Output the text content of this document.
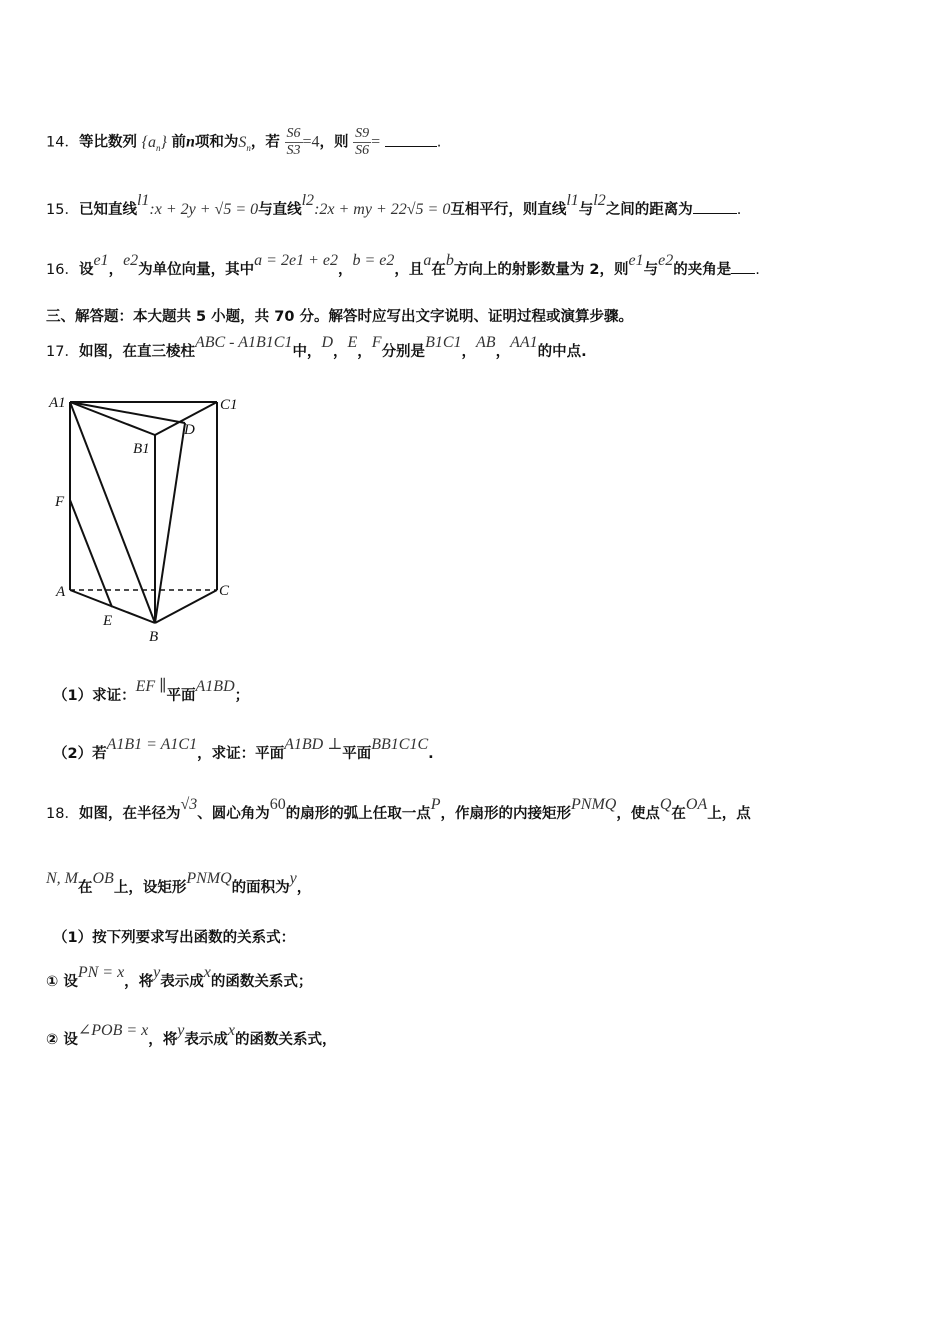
14．等比数列 $\{a_n\}$ 前n项和为$S_n$，若 $\frac{S6}{S3} =4$，则 $\frac{S9}{S6}$ =	.
15．已知直线l1:x + 2y + √5 = 0与直线l2:2x + my + 22√5 = 0互相平行，则直线l1与l2之间的距离为	.
16．设e1，e2为单位向量，其中a = 2e1 + e2，b = e2，且a在b方向上的射影数量为 2，则e1与e2的夹角是 .
三、解答题：本大题共 5 小题，共 70 分。解答时应写出文字说明、证明过程或演算步骤。
17．如图，在直三棱柱ABC - A1B1C1中，D，E，F分别是B1C1，AB，AA1的中点.
A1	C1
B1
D
F
A	C
E
B
（1）求证：EF ∥平面A1BD；
（2）若A1B1 = A1C1，求证：平面A1BD ⊥平面BB1C1C.
18．如图，在半径为√3、圆心角为60的扇形的弧上任取一点P，作扇形的内接矩形PNMQ，使点Q在OA上，点
N, M在OB上，设矩形PNMQ的面积为y，
（1）按下列要求写出函数的关系式：
① 设PN = x，将y表示成x的函数关系式；
② 设∠POB = x，将y表示成x的函数关系式，
